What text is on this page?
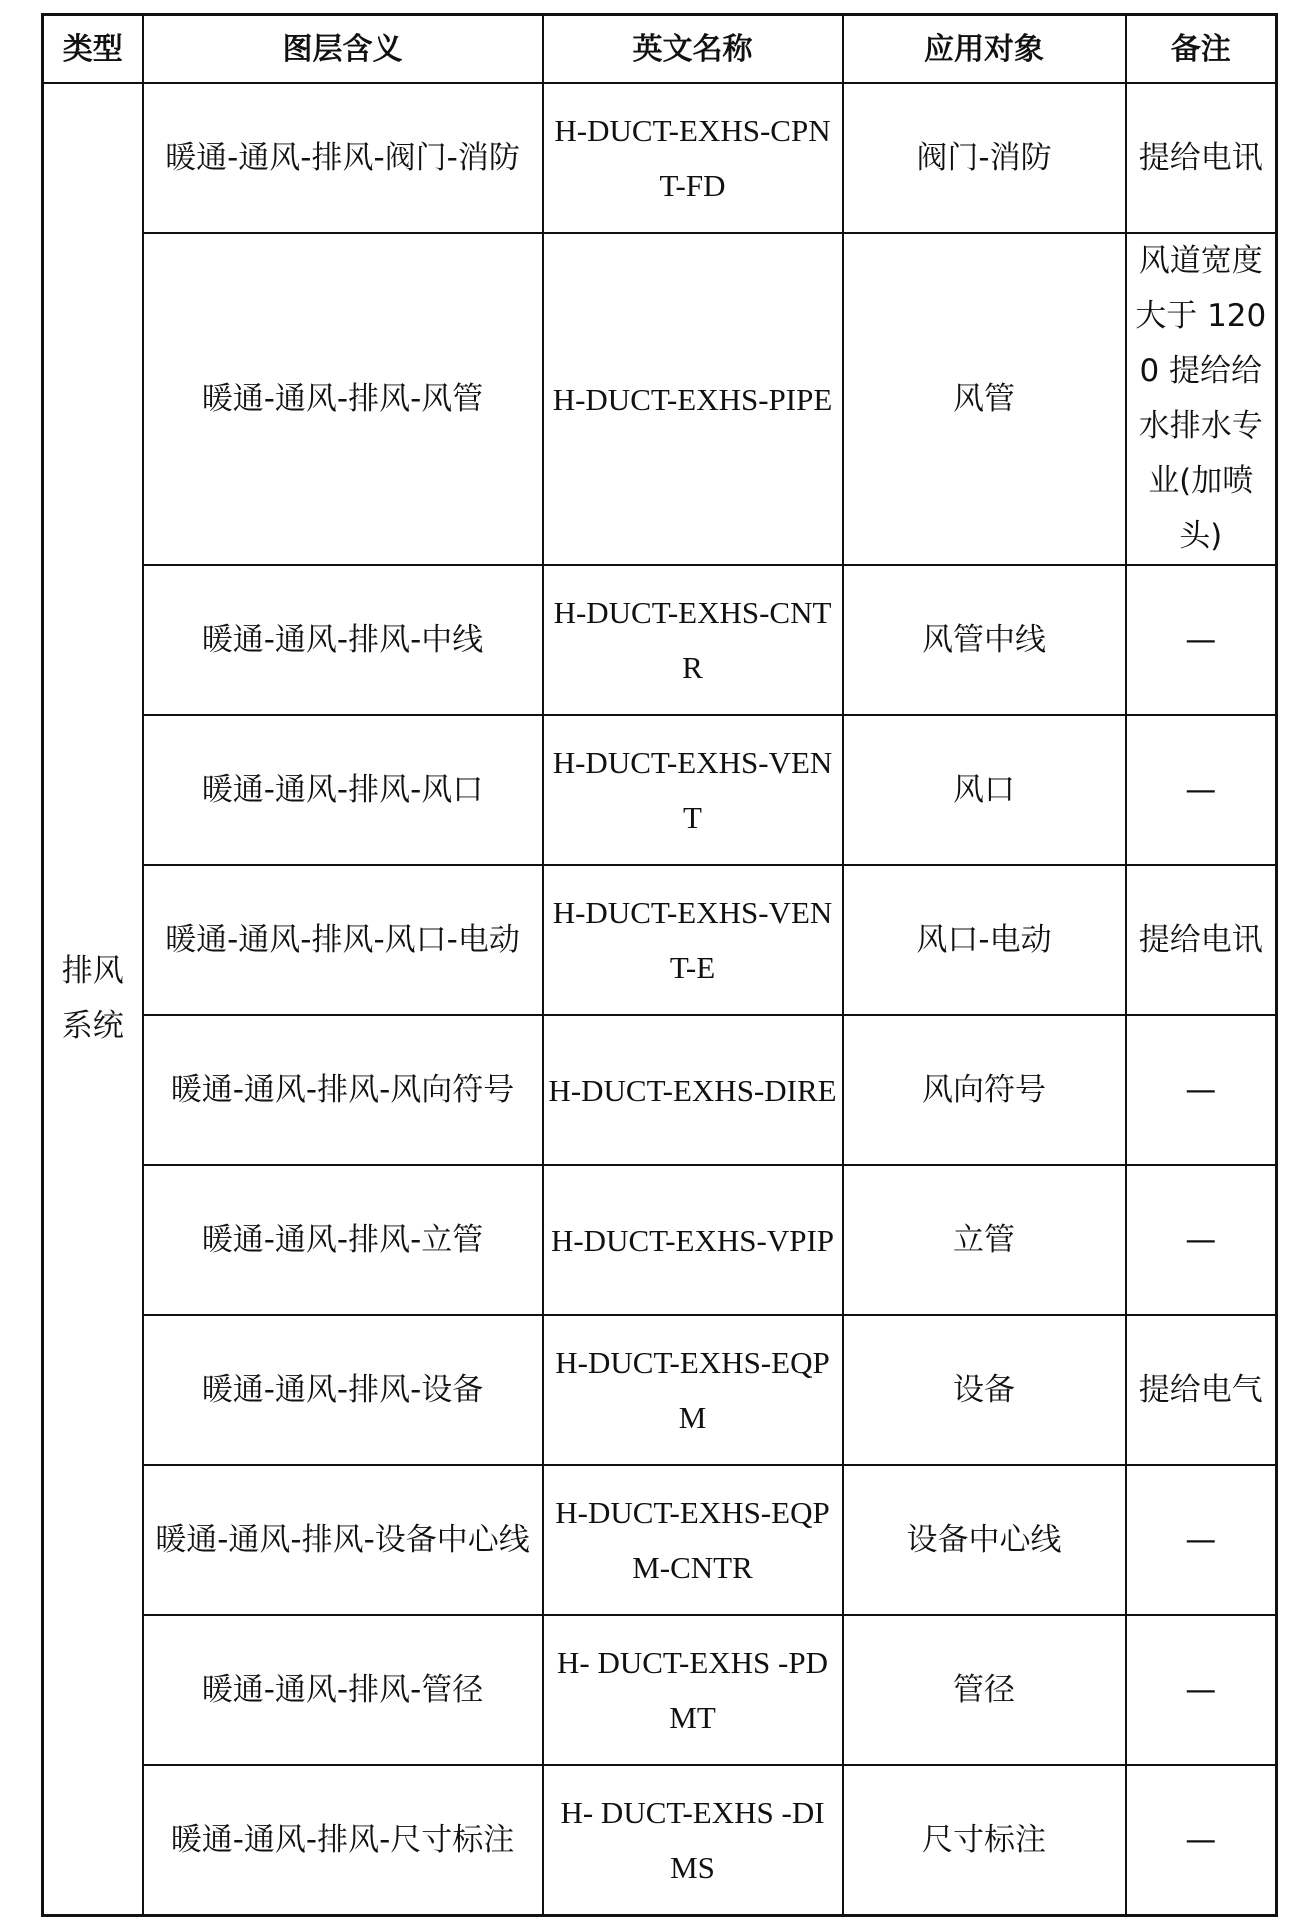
类型	图层含义	英文名称	应用对象	备注
排风系统	暖通-通风-排风-阀门-消防	H-DUCT-EXHS-CPNT-FD	阀门-消防	提给电讯
	暖通-通风-排风-风管	H-DUCT-EXHS-PIPE	风管	风道宽度大于 1200 提给给水排水专业(加喷头)
	暖通-通风-排风-中线	H-DUCT-EXHS-CNTR	风管中线	—
	暖通-通风-排风-风口	H-DUCT-EXHS-VENT	风口	—
	暖通-通风-排风-风口-电动	H-DUCT-EXHS-VENT-E	风口-电动	提给电讯
	暖通-通风-排风-风向符号	H-DUCT-EXHS-DIRE	风向符号	—
	暖通-通风-排风-立管	H-DUCT-EXHS-VPIP	立管	—
	暖通-通风-排风-设备	H-DUCT-EXHS-EQPM	设备	提给电气
	暖通-通风-排风-设备中心线	H-DUCT-EXHS-EQPM-CNTR	设备中心线	—
	暖通-通风-排风-管径	H- DUCT-EXHS -PDMT	管径	—
	暖通-通风-排风-尺寸标注	H- DUCT-EXHS -DIMS	尺寸标注	—
